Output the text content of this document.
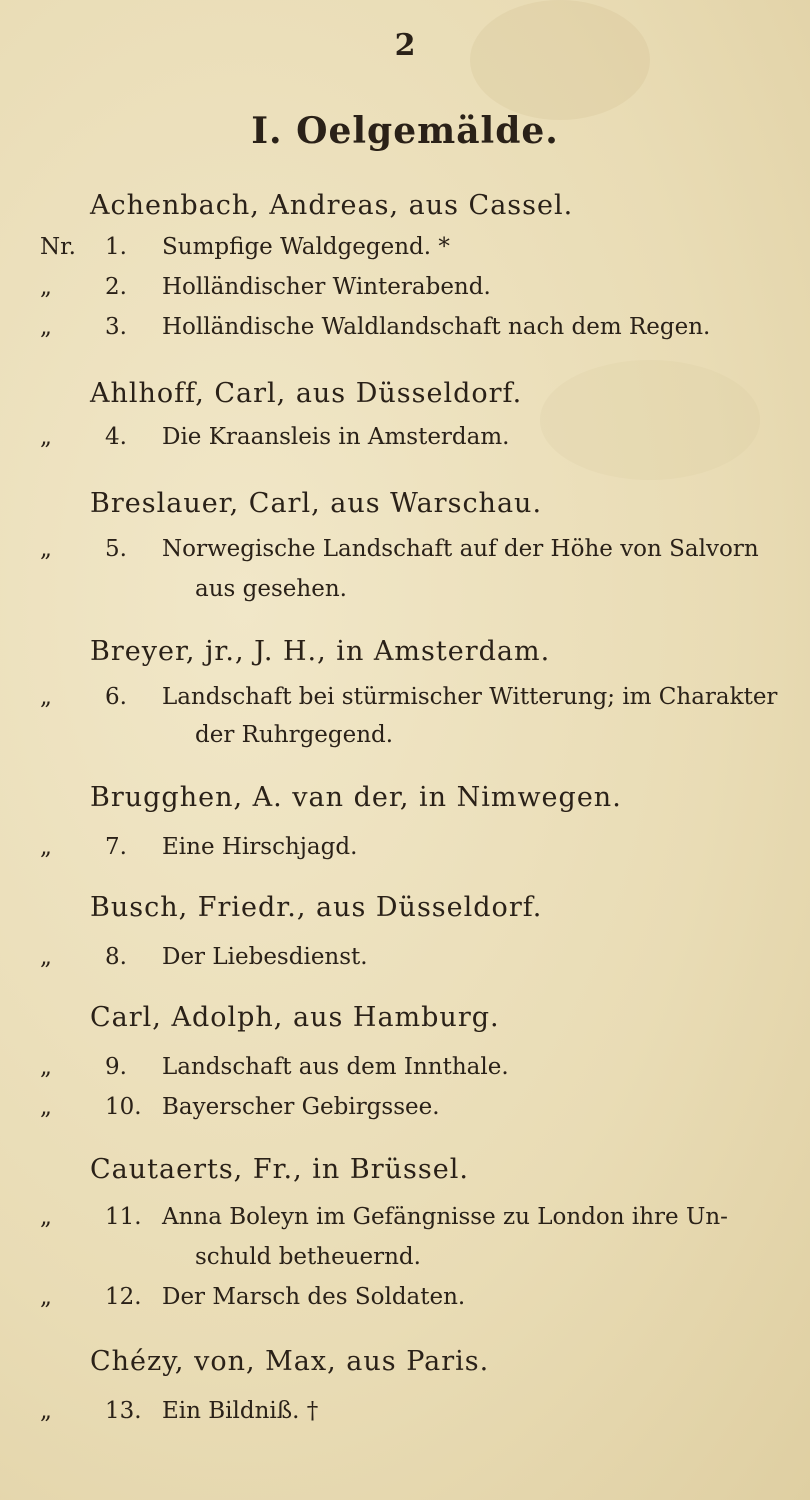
2
I. Oelgemälde.
Achenbach, Andreas, aus Cassel.
Nr.	1.	Sumpfige Waldgegend. *
„	2.	Holländischer Winterabend.
„	3.	Holländische Waldlandschaft nach dem Regen.
Ahlhoff, Carl, aus Düsseldorf.
„	4.	Die Kraansleis in Amsterdam.
Breslauer, Carl, aus Warschau.
„	5.	Norwegische Landschaft auf der Höhe von Salvorn
aus gesehen.
Breyer, jr., J. H., in Amsterdam.
„	6.	Landschaft bei stürmischer Witterung; im Charakter
der Ruhrgegend.
Brugghen, A. van der, in Nimwegen.
„	7.	Eine Hirschjagd.
Busch, Friedr., aus Düsseldorf.
„	8.	Der Liebesdienst.
Carl, Adolph, aus Hamburg.
„	9.	Landschaft aus dem Innthale.
„	10. Bayerscher Gebirgssee.
Cautaerts, Fr., in Brüssel.
„	11. Anna Boleyn im Gefängnisse zu London ihre Un-
schuld betheuernd.
„	12. Der Marsch des Soldaten.
Chézy, von, Max, aus Paris.
„	13. Ein Bildniß. †
